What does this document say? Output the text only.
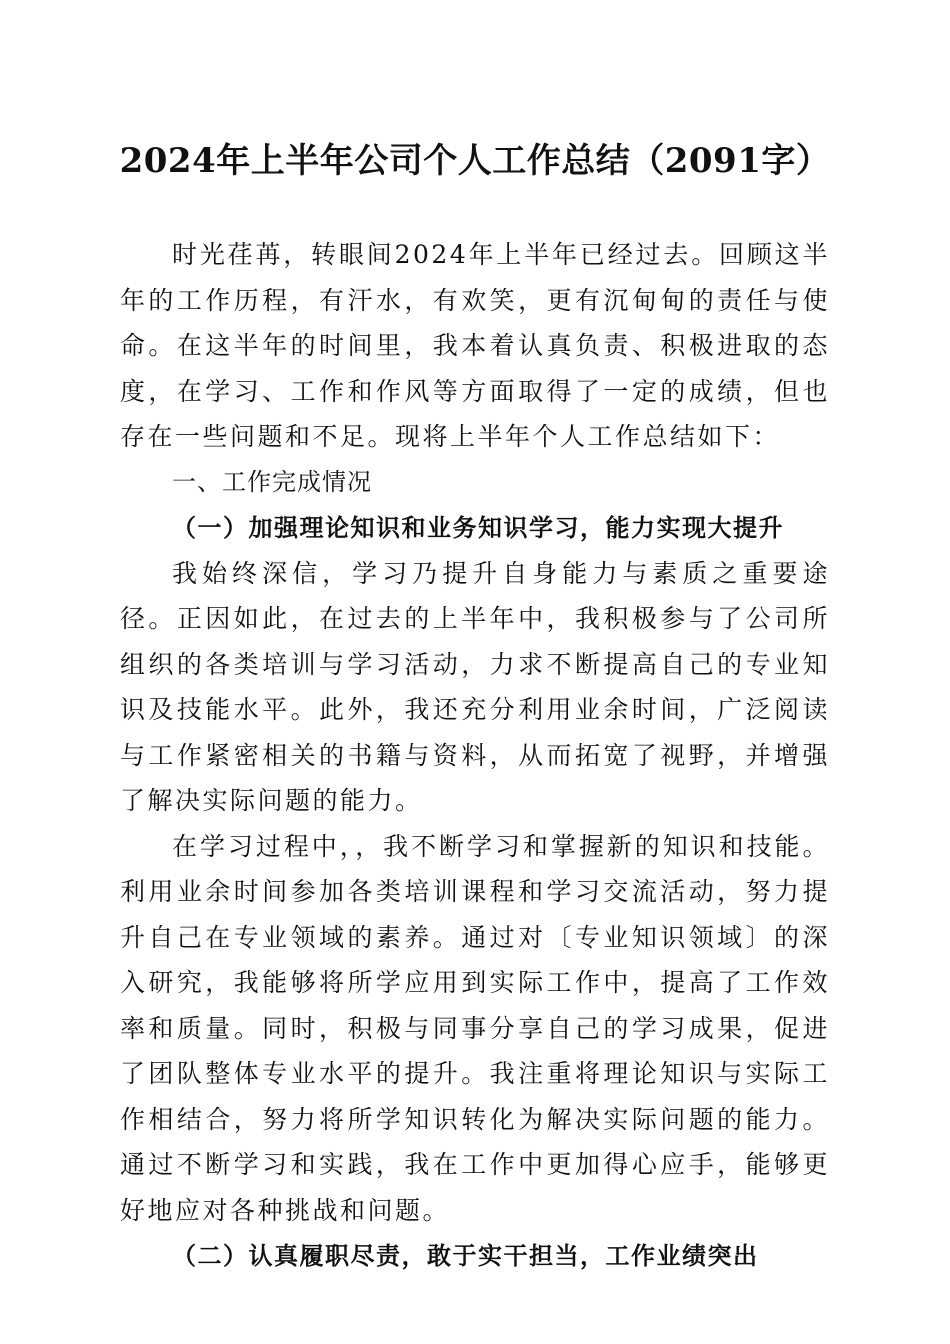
2024年上半年公司个人工作总结（2091字）

时光荏苒，转眼间2024年上半年已经过去。回顾这半年的工作历程，有汗水，有欢笑，更有沉甸甸的责任与使命。在这半年的时间里，我本着认真负责、积极进取的态度，在学习、工作和作风等方面取得了一定的成绩，但也存在一些问题和不足。现将上半年个人工作总结如下：

一、工作完成情况

（一）加强理论知识和业务知识学习，能力实现大提升

我始终深信，学习乃提升自身能力与素质之重要途径。正因如此，在过去的上半年中，我积极参与了公司所组织的各类培训与学习活动，力求不断提高自己的专业知识及技能水平。此外，我还充分利用业余时间，广泛阅读与工作紧密相关的书籍与资料，从而拓宽了视野，并增强了解决实际问题的能力。

在学习过程中，，我不断学习和掌握新的知识和技能。利用业余时间参加各类培训课程和学习交流活动，努力提升自己在专业领域的素养。通过对〔专业知识领域〕的深入研究，我能够将所学应用到实际工作中，提高了工作效率和质量。同时，积极与同事分享自己的学习成果，促进了团队整体专业水平的提升。我注重将理论知识与实际工作相结合，努力将所学知识转化为解决实际问题的能力。通过不断学习和实践，我在工作中更加得心应手，能够更好地应对各种挑战和问题。

（二）认真履职尽责，敢于实干担当，工作业绩突出
